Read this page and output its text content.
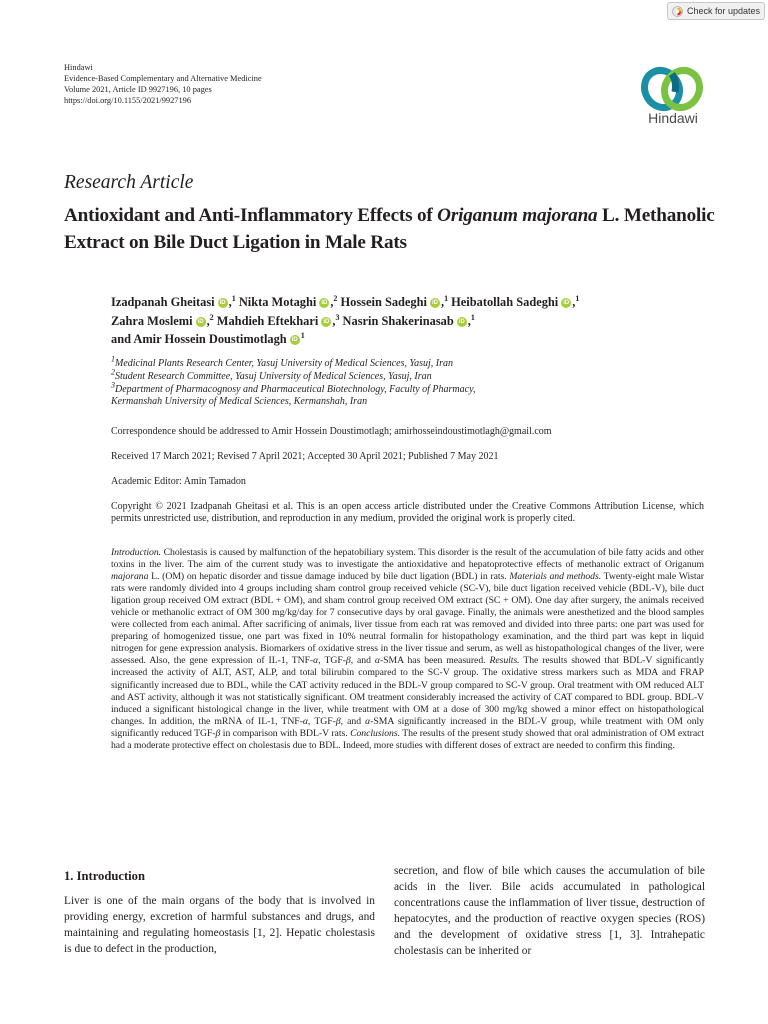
Check for updates
Hindawi
Evidence-Based Complementary and Alternative Medicine
Volume 2021, Article ID 9927196, 10 pages
https://doi.org/10.1155/2021/9927196
Hindawi
Research Article
Antioxidant and Anti-Inflammatory Effects of Origanum majorana L. Methanolic Extract on Bile Duct Ligation in Male Rats
Izadpanah Gheitasi iD ,$^1$ Nikta Motaghi iD ,$^2$ Hossein Sadeghi iD ,$^1$ Heibatollah Sadeghi iD ,$^1$
Zahra Moslemi iD ,$^2$ Mahdieh Eftekhari iD ,$^3$ Nasrin Shakerinasab iD ,$^1$
and Amir Hossein Doustimotlagh $iD^1$
$^1$Medicinal Plants Research Center, Yasuj University of Medical Sciences, Yasuj, Iran
$^2$Student Research Committee, Yasuj University of Medical Sciences, Yasuj, Iran
$^3$Department of Pharmacognosy and Pharmaceutical Biotechnology, Faculty of Pharmacy,
Kermanshah University of Medical Sciences, Kermanshah, Iran
Correspondence should be addressed to Amir Hossein Doustimotlagh; amirhosseindoustimotlagh@gmail.com
Received 17 March 2021; Revised 7 April 2021; Accepted 30 April 2021; Published 7 May 2021
Academic Editor: Amin Tamadon
Copyright © 2021 Izadpanah Gheitasi et al. This is an open access article distributed under the Creative Commons Attribution License, which permits unrestricted use, distribution, and reproduction in any medium, provided the original work is properly cited.
Introduction. Cholestasis is caused by malfunction of the hepatobiliary system. This disorder is the result of the accumulation of bile fatty acids and other toxins in the liver. The aim of the current study was to investigate the antioxidative and hepatoprotective effects of methanolic extract of Origanum majorana L. (OM) on hepatic disorder and tissue damage induced by bile duct ligation (BDL) in rats. Materials and methods. Twenty-eight male Wistar rats were randomly divided into 4 groups including sham control group received vehicle (SC-V), bile duct ligation received vehicle (BDL-V), bile duct ligation group received OM extract (BDL + OM), and sham control group received OM extract (SC + OM). One day after surgery, the animals received vehicle or methanolic extract of OM 300 mg/kg/day for 7 consecutive days by oral gavage. Finally, the animals were anesthetized and the blood samples were collected from each animal. After sacrificing of animals, liver tissue from each rat was removed and divided into three parts: one part was used for preparing of homogenized tissue, one part was fixed in 10% neutral formalin for histopathology examination, and the third part was kept in liquid nitrogen for gene expression analysis. Biomarkers of oxidative stress in the liver tissue and serum, as well as histopathological changes of the liver, were assessed. Also, the gene expression of IL-1, TNF-α, TGF-β, and α-SMA has been measured. Results. The results showed that BDL-V significantly increased the activity of ALT, AST, ALP, and total bilirubin compared to the SC-V group. The oxidative stress markers such as MDA and FRAP significantly increased due to BDL, while the CAT activity reduced in the BDL-V group compared to SC-V group. Oral treatment with OM reduced ALT and AST activity, although it was not statistically significant. OM treatment considerably increased the activity of CAT compared to BDL group. BDL-V induced a significant histological change in the liver, while treatment with OM at a dose of 300 mg/kg showed a minor effect on histopathological changes. In addition, the mRNA of IL-1, TNF-α, TGF-β, and α-SMA significantly increased in the BDL-V group, while treatment with OM only significantly reduced TGF-β in comparison with BDL-V rats. Conclusions. The results of the present study showed that oral administration of OM extract had a moderate protective effect on cholestasis due to BDL. Indeed, more studies with different doses of extract are needed to confirm this finding.
1. Introduction
Liver is one of the main organs of the body that is involved in providing energy, excretion of harmful substances and drugs, and maintaining and regulating homeostasis [1, 2]. Hepatic cholestasis is due to defect in the production,
secretion, and flow of bile which causes the accumulation of bile acids in the liver. Bile acids accumulated in pathological concentrations cause the inflammation of liver tissue, destruction of hepatocytes, and the production of reactive oxygen species (ROS) and the development of oxidative stress [1, 3]. Intrahepatic cholestasis can be inherited or
